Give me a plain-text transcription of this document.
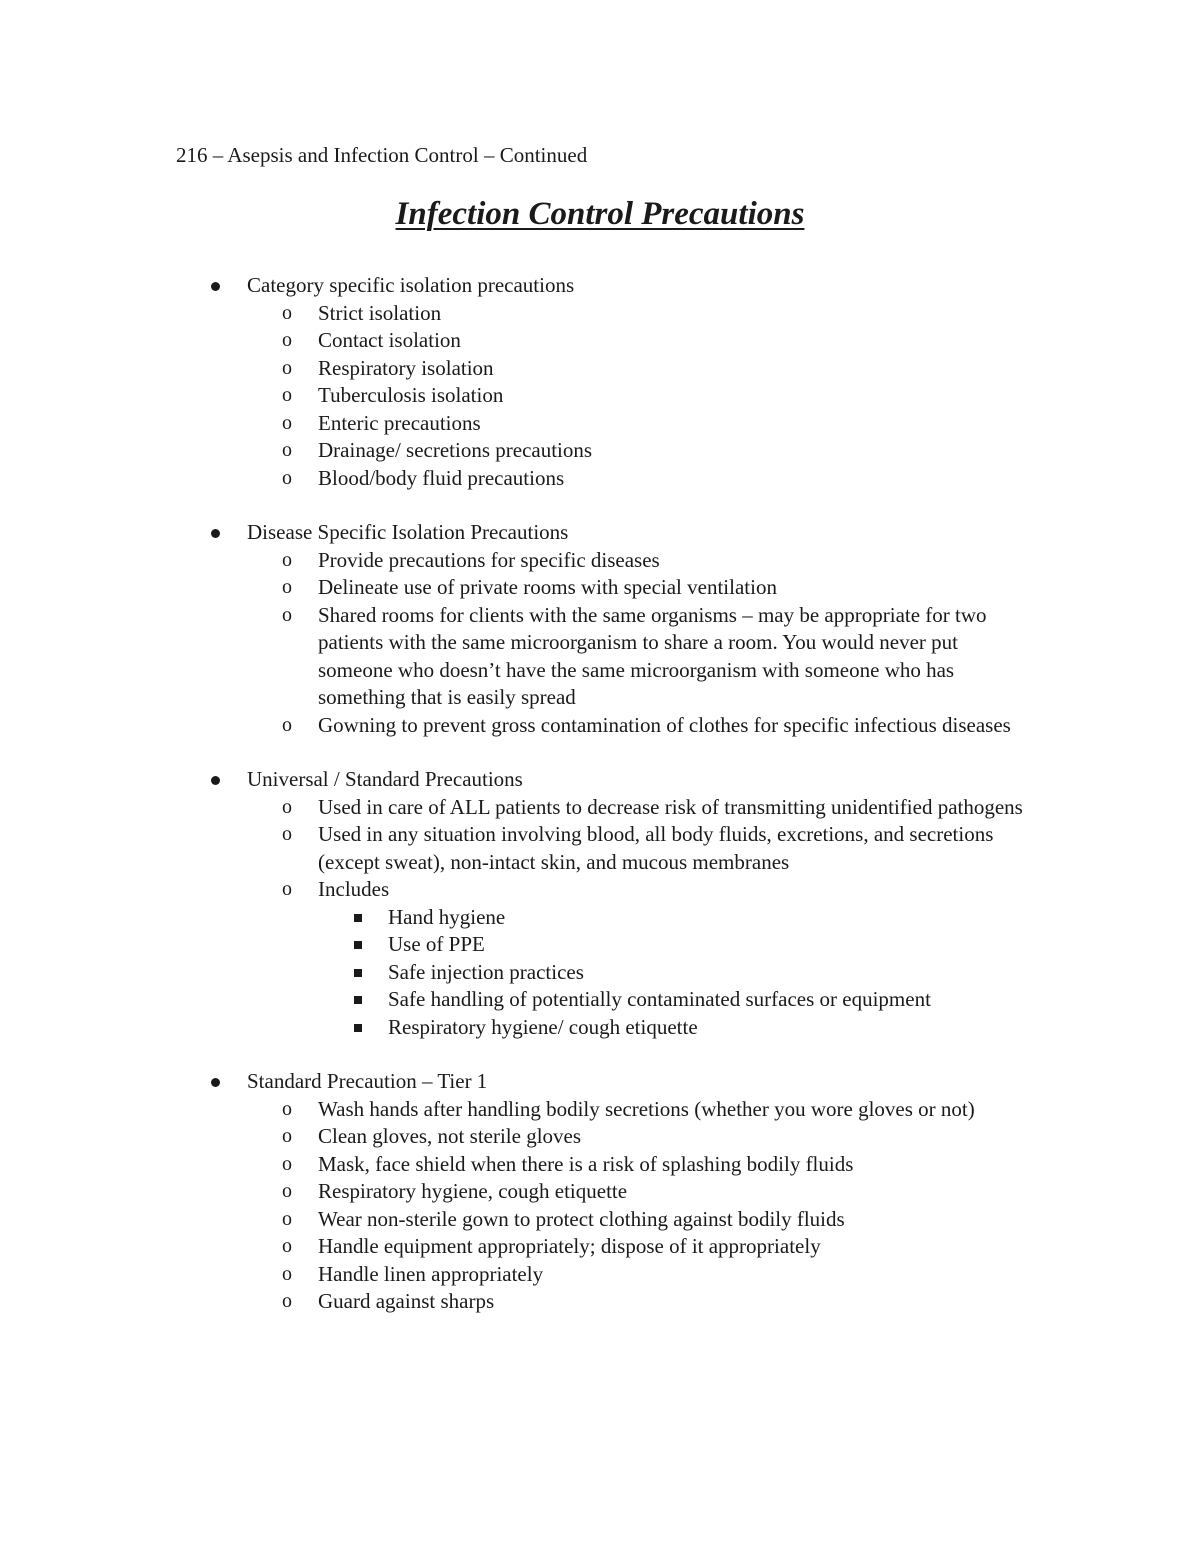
216 – Asepsis and Infection Control – Continued
Infection Control Precautions
Category specific isolation precautions
o Strict isolation
o Contact isolation
o Respiratory isolation
o Tuberculosis isolation
o Enteric precautions
o Drainage/ secretions precautions
o Blood/body fluid precautions
Disease Specific Isolation Precautions
o Provide precautions for specific diseases
o Delineate use of private rooms with special ventilation
o Shared rooms for clients with the same organisms – may be appropriate for two patients with the same microorganism to share a room. You would never put someone who doesn’t have the same microorganism with someone who has something that is easily spread
o Gowning to prevent gross contamination of clothes for specific infectious diseases
Universal / Standard Precautions
o Used in care of ALL patients to decrease risk of transmitting unidentified pathogens
o Used in any situation involving blood, all body fluids, excretions, and secretions (except sweat), non-intact skin, and mucous membranes
o Includes
Hand hygiene
Use of PPE
Safe injection practices
Safe handling of potentially contaminated surfaces or equipment
Respiratory hygiene/ cough etiquette
Standard Precaution – Tier 1
o Wash hands after handling bodily secretions (whether you wore gloves or not)
o Clean gloves, not sterile gloves
o Mask, face shield when there is a risk of splashing bodily fluids
o Respiratory hygiene, cough etiquette
o Wear non-sterile gown to protect clothing against bodily fluids
o Handle equipment appropriately; dispose of it appropriately
o Handle linen appropriately
o Guard against sharps
